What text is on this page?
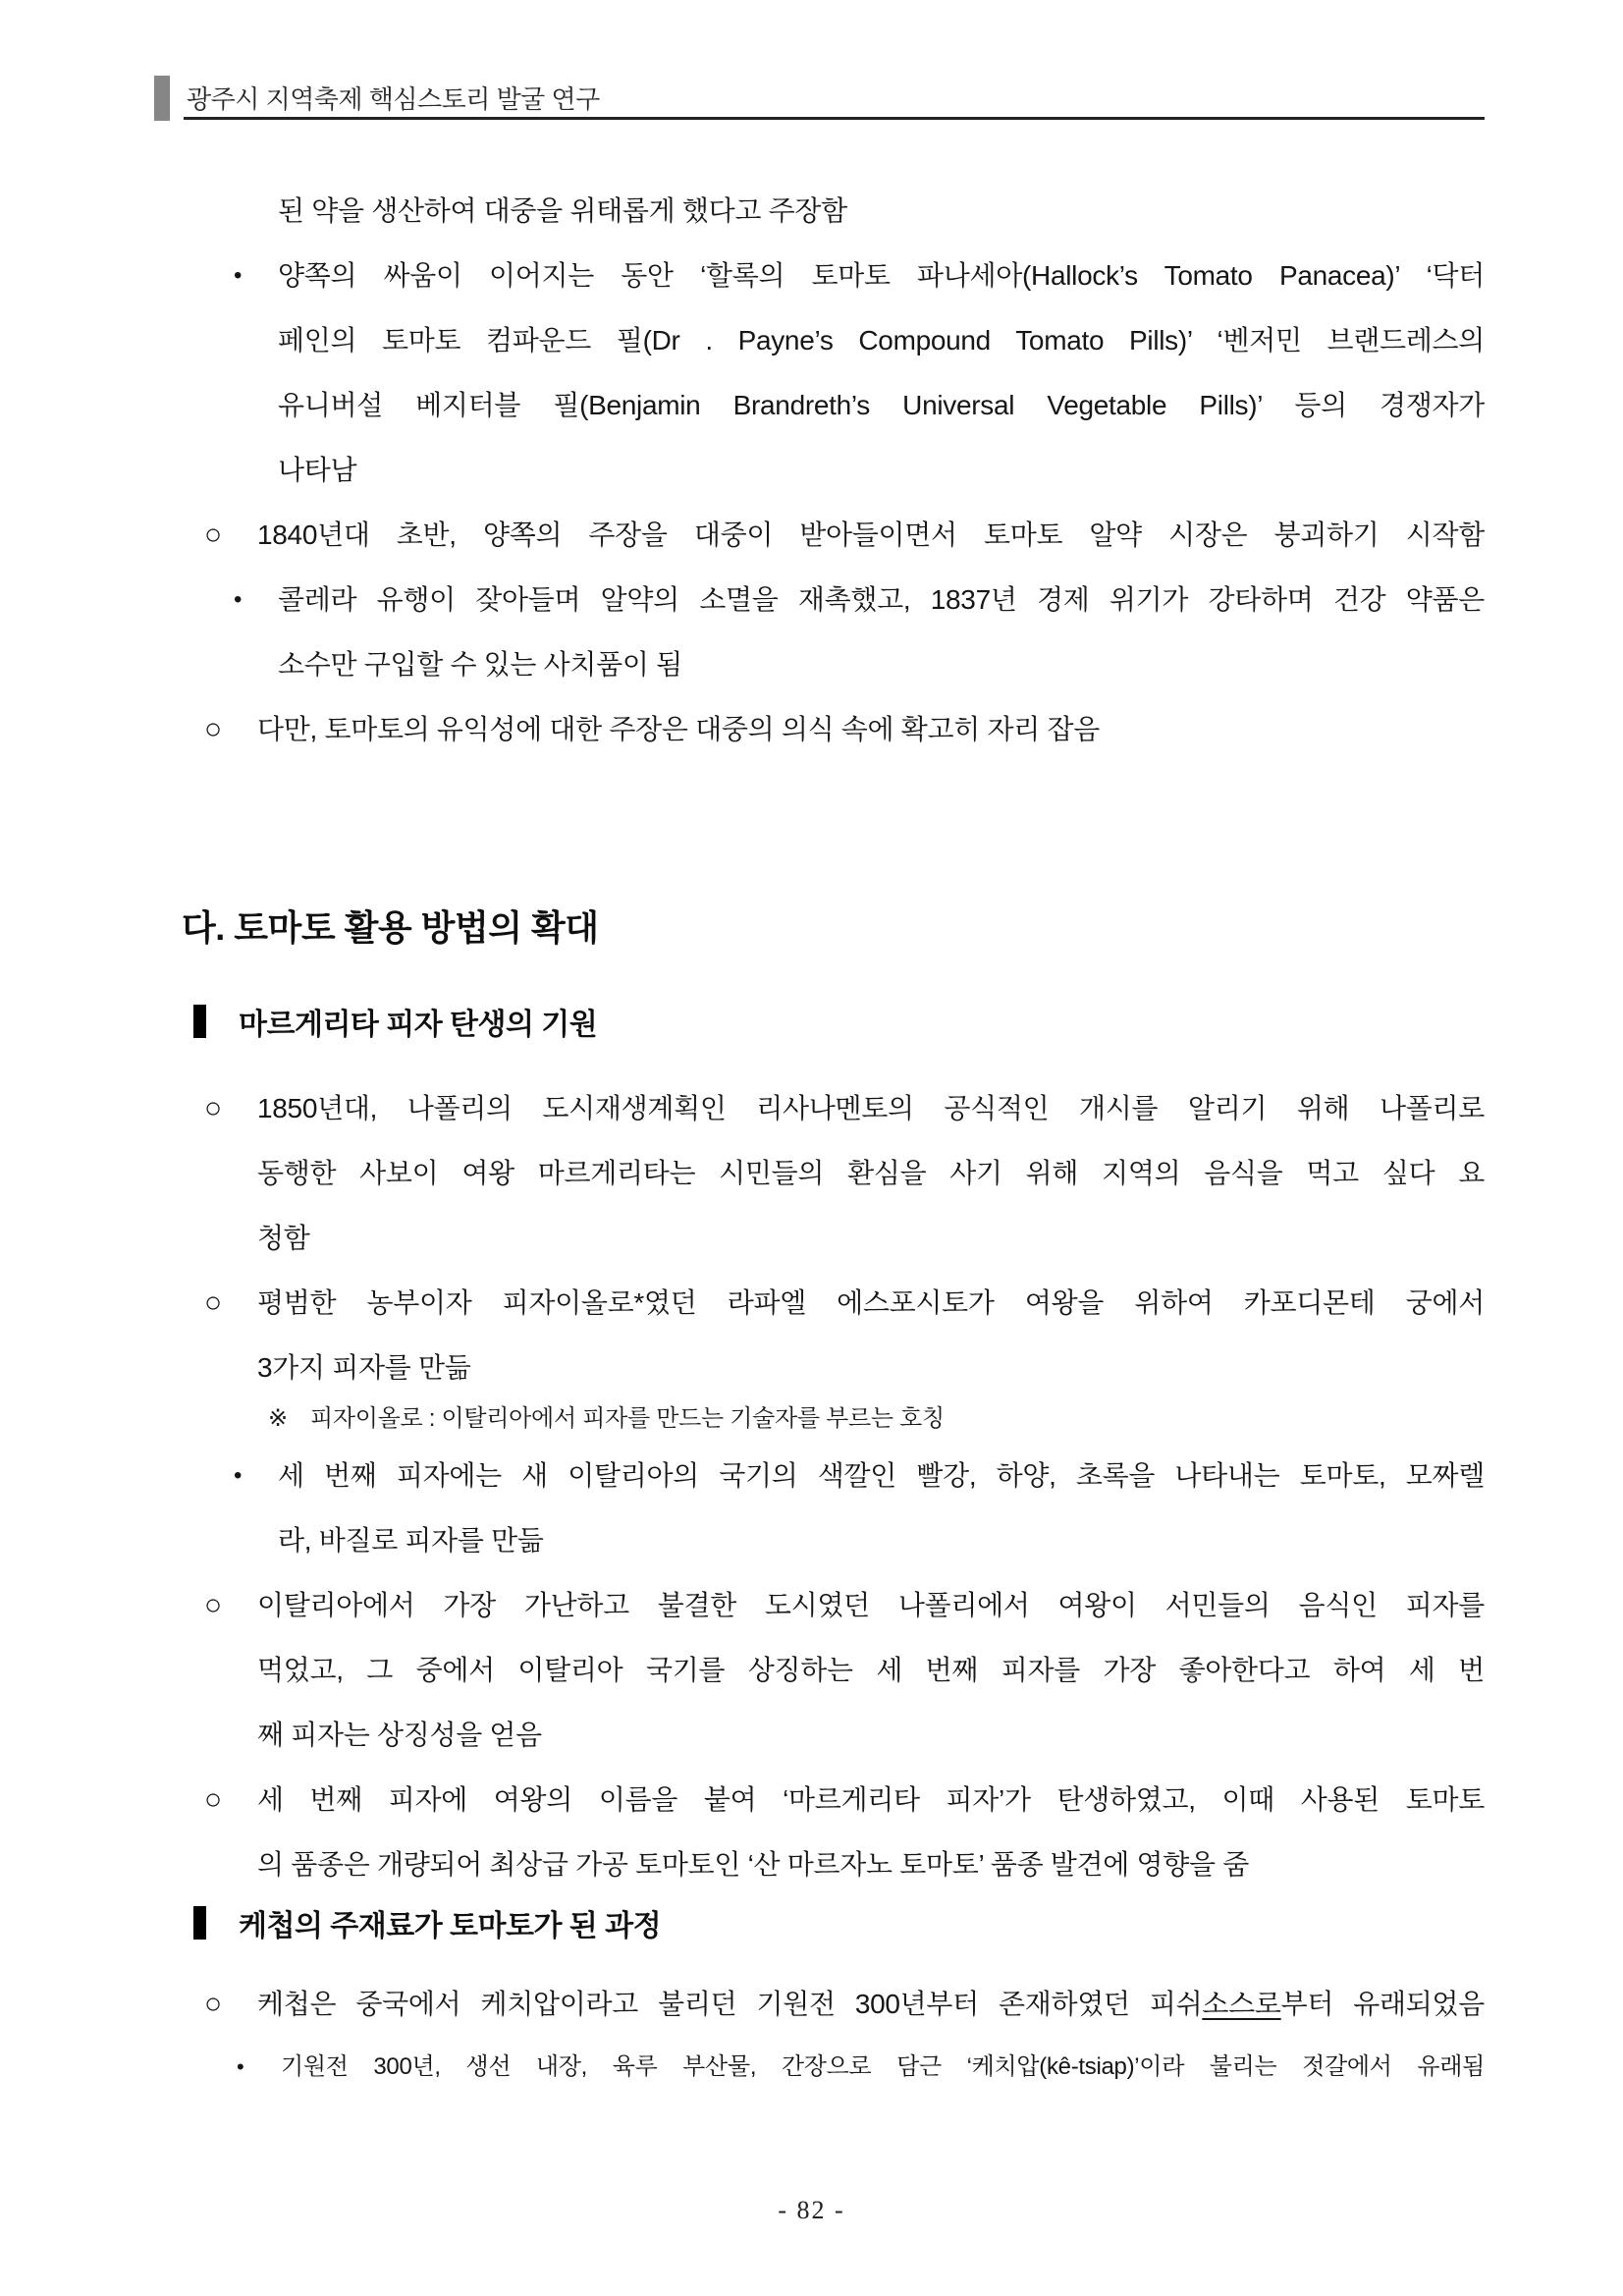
광주시 지역축제 핵심스토리 발굴 연구
된 약을 생산하여 대중을 위태롭게 했다고 주장함
• 양쪽의 싸움이 이어지는 동안 ‘할록의 토마토 파나세아(Hallock’s Tomato Panacea)’ ‘닥터
페인의 토마토 컴파운드 필(Dr . Payne’s Compound Tomato Pills)’ ‘벤저민 브랜드레스의
유니버설 베지터블 필(Benjamin Brandreth’s Universal Vegetable Pills)’ 등의 경쟁자가
나타남
○ 1840년대 초반, 양쪽의 주장을 대중이 받아들이면서 토마토 알약 시장은 붕괴하기 시작함
• 콜레라 유행이 잦아들며 알약의 소멸을 재촉했고, 1837년 경제 위기가 강타하며 건강 약품은
소수만 구입할 수 있는 사치품이 됨
○ 다만, 토마토의 유익성에 대한 주장은 대중의 의식 속에 확고히 자리 잡음
다. 토마토 활용 방법의 확대
마르게리타 피자 탄생의 기원
○ 1850년대, 나폴리의 도시재생계획인 리사나멘토의 공식적인 개시를 알리기 위해 나폴리로
동행한 사보이 여왕 마르게리타는 시민들의 환심을 사기 위해 지역의 음식을 먹고 싶다 요
청함
○ 평범한 농부이자 피자이올로*였던 라파엘 에스포시토가 여왕을 위하여 카포디몬테 궁에서
3가지 피자를 만듦
※ 피자이올로 : 이탈리아에서 피자를 만드는 기술자를 부르는 호칭
• 세 번째 피자에는 새 이탈리아의 국기의 색깔인 빨강, 하양, 초록을 나타내는 토마토, 모짜렐
라, 바질로 피자를 만듦
○ 이탈리아에서 가장 가난하고 불결한 도시였던 나폴리에서 여왕이 서민들의 음식인 피자를
먹었고, 그 중에서 이탈리아 국기를 상징하는 세 번째 피자를 가장 좋아한다고 하여 세 번
째 피자는 상징성을 얻음
○ 세 번째 피자에 여왕의 이름을 붙여 ‘마르게리타 피자’가 탄생하였고, 이때 사용된 토마토
의 품종은 개량되어 최상급 가공 토마토인 ‘산 마르자노 토마토’ 품종 발견에 영향을 줌
케첩의 주재료가 토마토가 된 과정
○ 케첩은 중국에서 케치압이라고 불리던 기원전 300년부터 존재하였던 피쉬소스로부터 유래되었음
• 기원전 300년, 생선 내장, 육루 부산물, 간장으로 담근 ‘케치압(kê-tsiap)’이라 불리는 젓갈에서 유래됨
- 82 -
